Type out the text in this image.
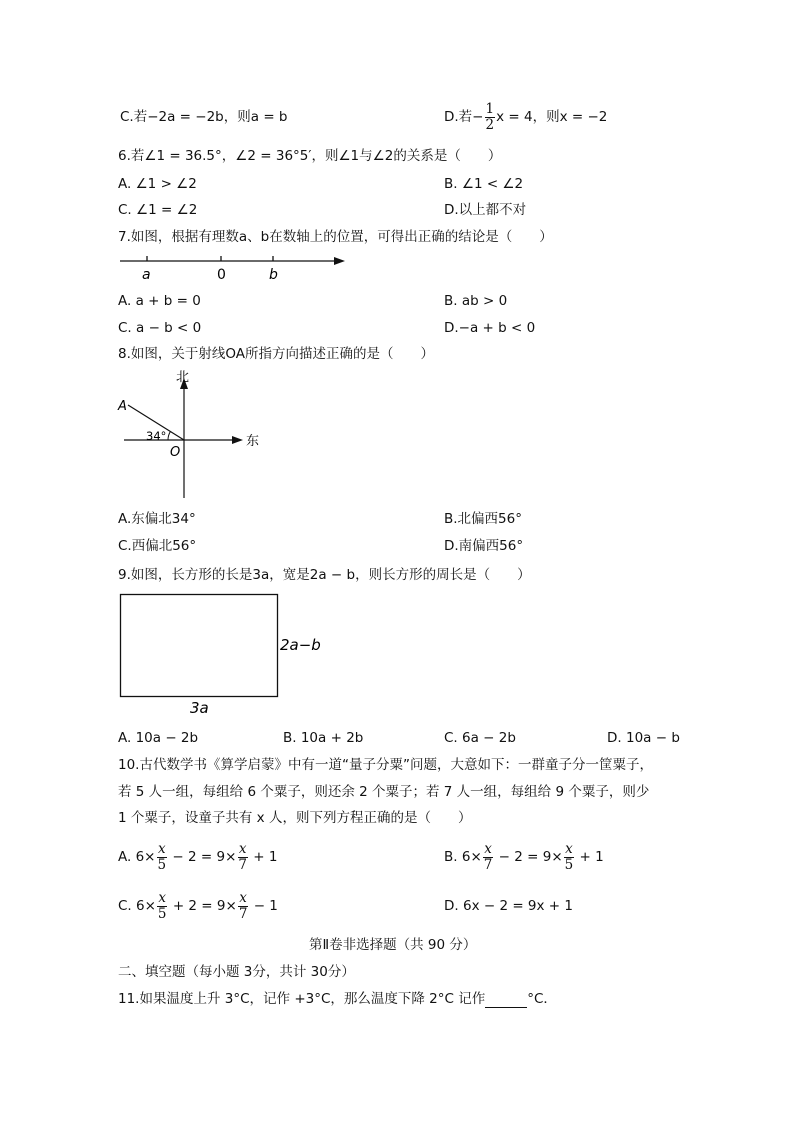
C.若−2a = −2b，则a = b	D.若− $\frac{1}{2}$ x = 4，则x = −2
6.若∠1 = 36.5°，∠2 = 36°5′，则∠1与∠2的关系是（　　）
A. ∠1 > ∠2	B. ∠1 < ∠2
C. ∠1 = ∠2	D.以上都不对
7.如图，根据有理数a、b在数轴上的位置，可得出正确的结论是（　　）
a	0	b
A. a + b = 0	B. ab > 0
C. a − b < 0	D.−a + b < 0
8.如图，关于射线OA所指方向描述正确的是（　　）
北
东
A
O
34°
A.东偏北34°	B.北偏西56°
C.西偏北56°	D.南偏西56°
9.如图，长方形的长是3a，宽是2a − b，则长方形的周长是（　　）
2a−b
3a
A. 10a − 2b	B. 10a + 2b	C. 6a − 2b	D. 10a − b
10.古代数学书《算学启蒙》中有一道“量子分粟”问题，大意如下：一群童子分一筐粟子，
若 5 人一组，每组给 6 个粟子，则还余 2 个粟子；若 7 人一组，每组给 9 个粟子，则少
1 个粟子，设童子共有 x 人，则下列方程正确的是（　　）
A. $6\times \frac{x}{5} - 2 = 9\times \frac{x}{7} + 1$	B. $6\times \frac{x}{7} - 2 = 9\times \frac{x}{5} + 1$
C. $6\times \frac{x}{5} + 2 = 9\times \frac{x}{7} - 1$	D. 6x − 2 = 9x + 1
第Ⅱ卷非选择题（共 90 分）
二、填空题（每小题 3分，共计 30分）
11.如果温度上升 3°C，记作 +3°C，那么温度下降 2°C 记作	°C．
